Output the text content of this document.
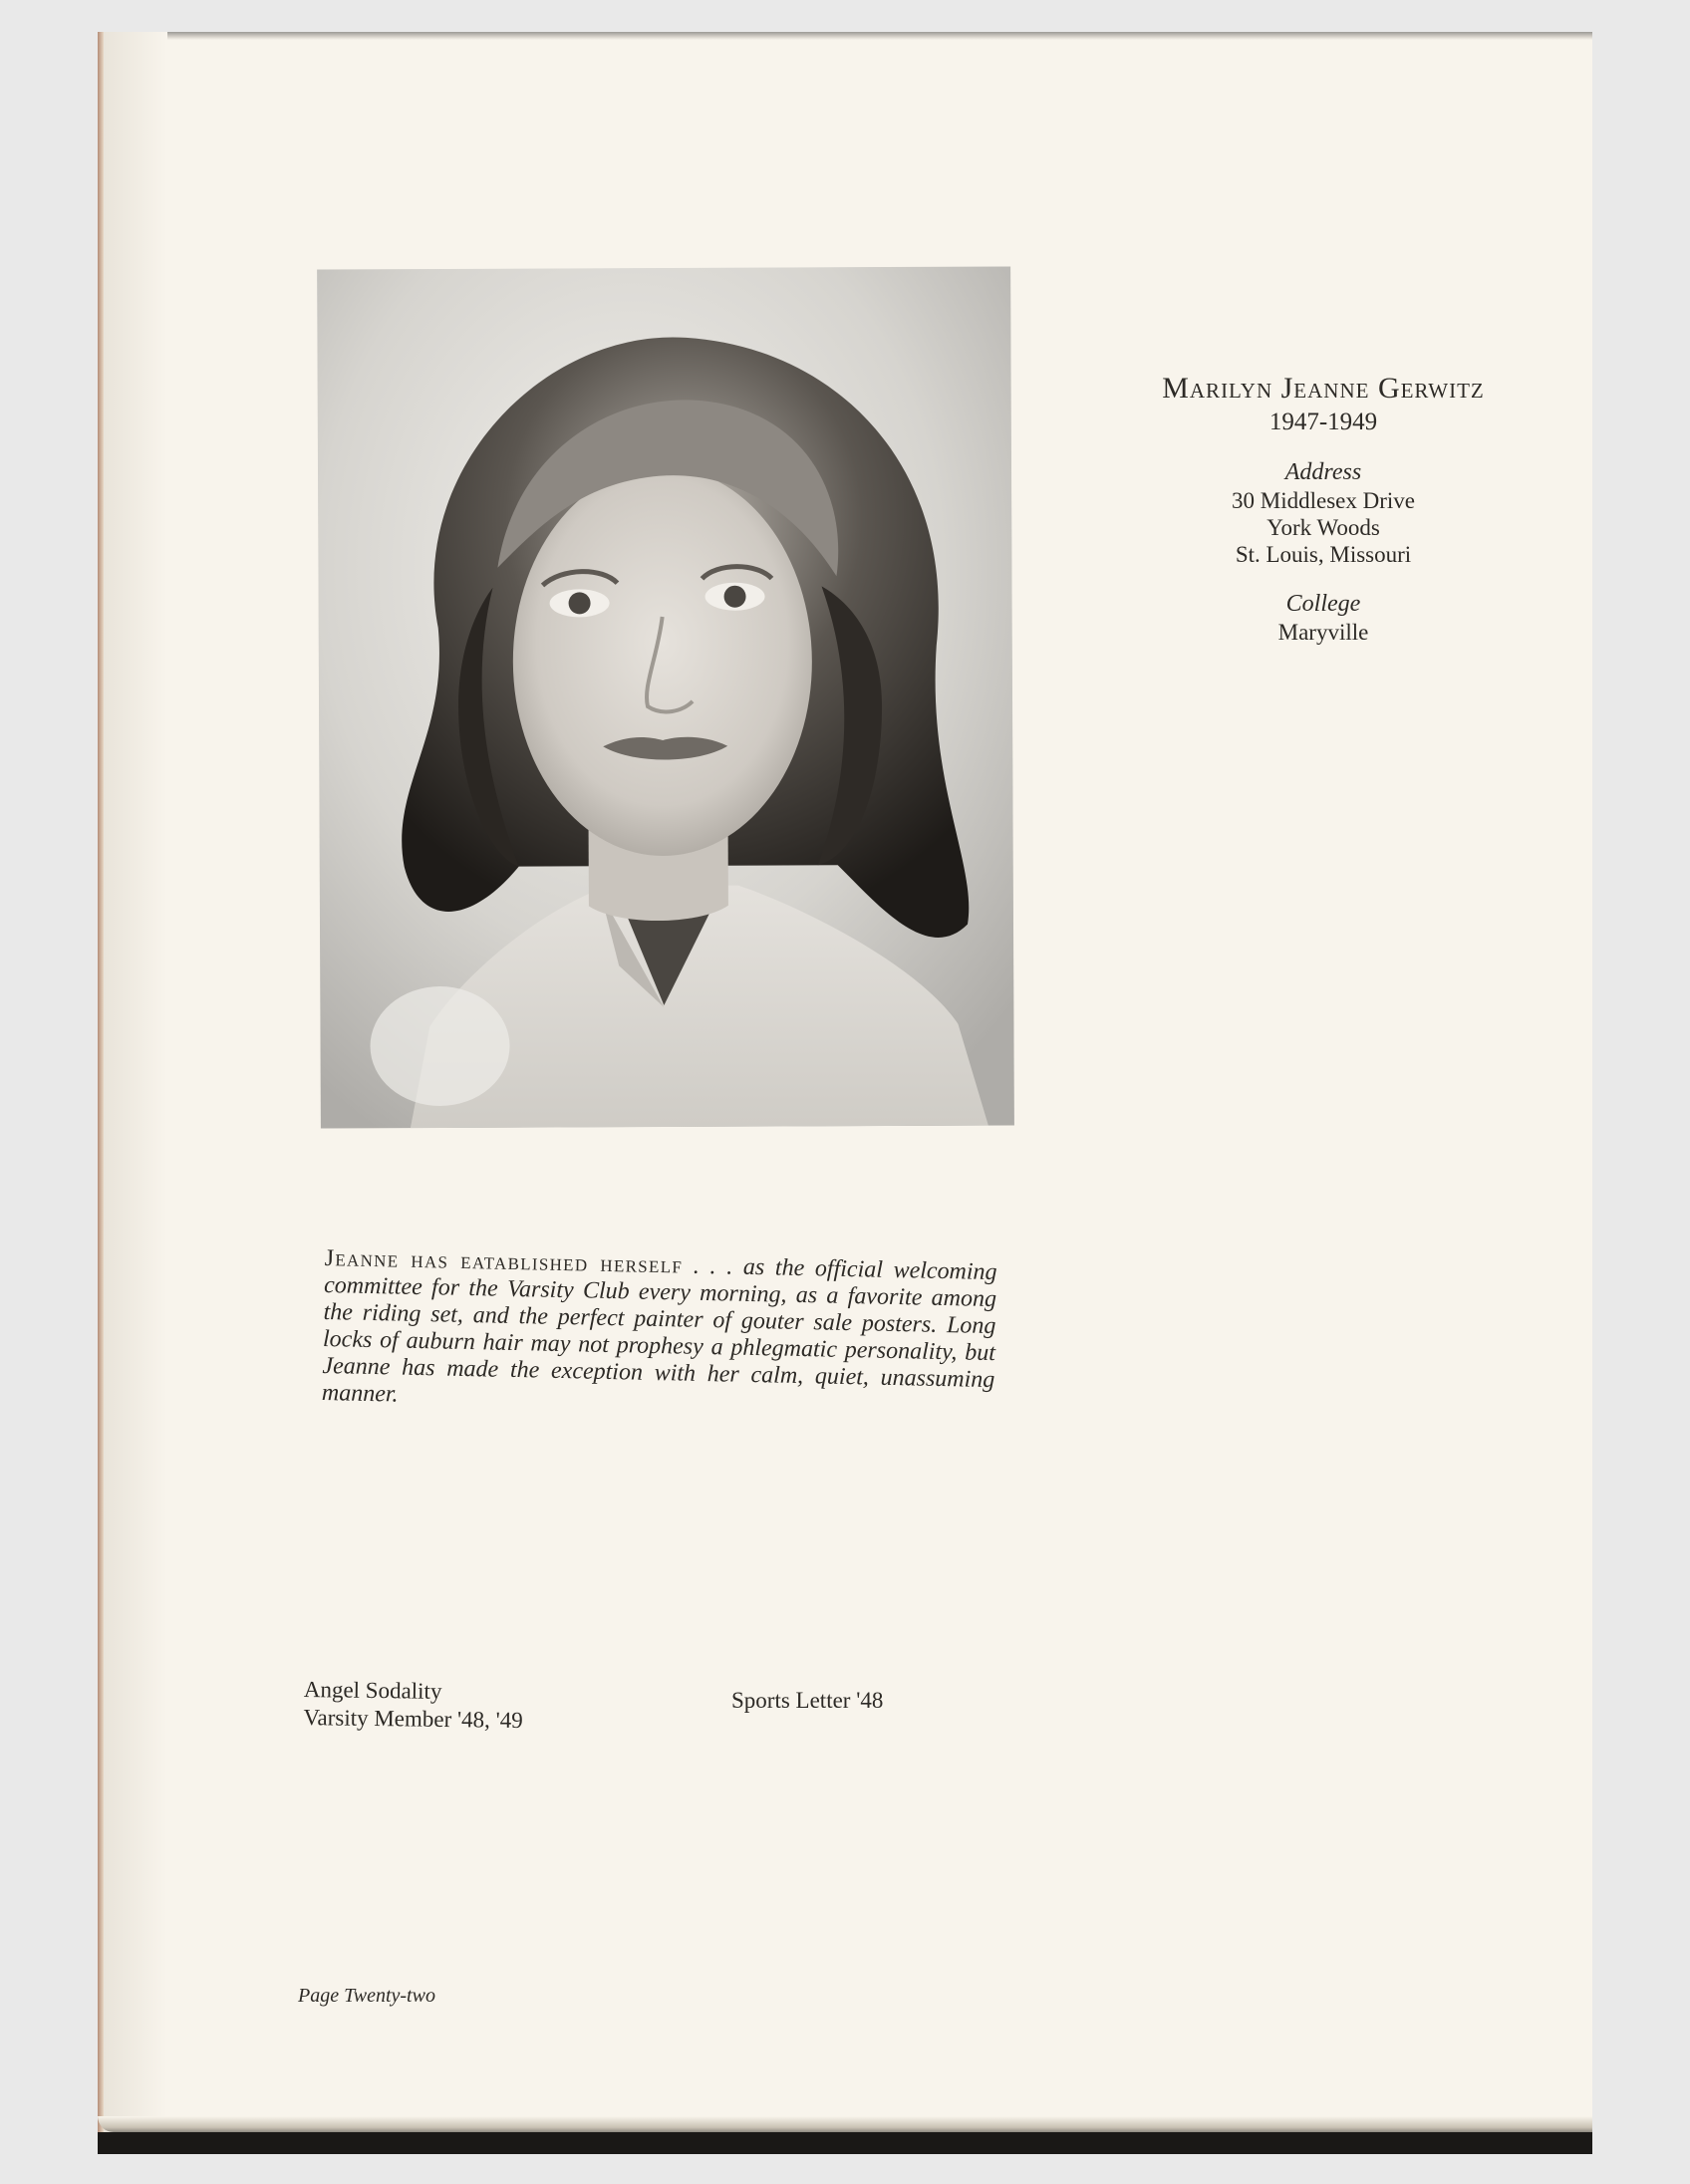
Marilyn Jeanne Gerwitz
1947-1949
Address
30 Middlesex Drive
York Woods
St. Louis, Missouri
College
Maryville
Jeanne has eatablished herself . . . as the official welcoming committee for the Varsity Club every morning, as a favorite among the riding set, and the perfect painter of gouter sale posters. Long locks of auburn hair may not prophesy a phlegmatic personality, but Jeanne has made the exception with her calm, quiet, unassuming manner.
Angel Sodality
Varsity Member '48, '49
Sports Letter '48
Page Twenty-two
